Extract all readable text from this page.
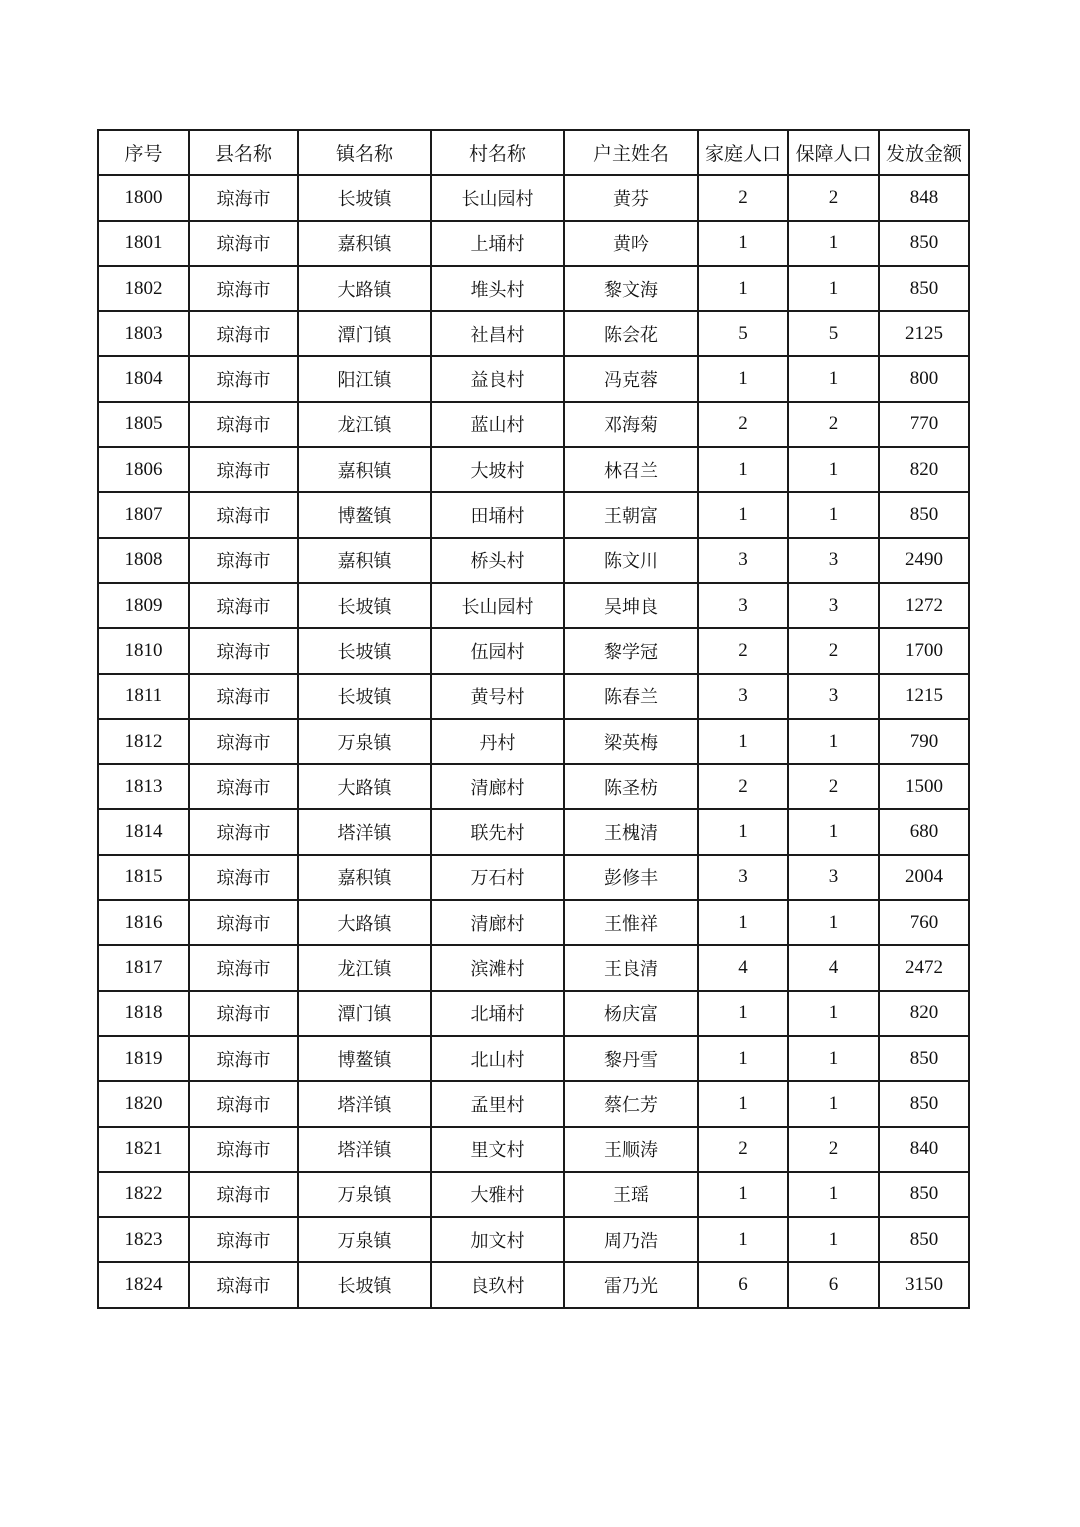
序号	县名称	镇名称	村名称	户主姓名	家庭人口	保障人口	发放金额
1800	琼海市	长坡镇	长山园村	黄芬	2	2	848
1801	琼海市	嘉积镇	上埇村	黄吟	1	1	850
1802	琼海市	大路镇	堆头村	黎文海	1	1	850
1803	琼海市	潭门镇	社昌村	陈会花	5	5	2125
1804	琼海市	阳江镇	益良村	冯克蓉	1	1	800
1805	琼海市	龙江镇	蓝山村	邓海菊	2	2	770
1806	琼海市	嘉积镇	大坡村	林召兰	1	1	820
1807	琼海市	博鳌镇	田埇村	王朝富	1	1	850
1808	琼海市	嘉积镇	桥头村	陈文川	3	3	2490
1809	琼海市	长坡镇	长山园村	吴坤良	3	3	1272
1810	琼海市	长坡镇	伍园村	黎学冠	2	2	1700
1811	琼海市	长坡镇	黄号村	陈春兰	3	3	1215
1812	琼海市	万泉镇	丹村	梁英梅	1	1	790
1813	琼海市	大路镇	清廊村	陈圣枋	2	2	1500
1814	琼海市	塔洋镇	联先村	王槐清	1	1	680
1815	琼海市	嘉积镇	万石村	彭修丰	3	3	2004
1816	琼海市	大路镇	清廊村	王惟祥	1	1	760
1817	琼海市	龙江镇	滨滩村	王良清	4	4	2472
1818	琼海市	潭门镇	北埇村	杨庆富	1	1	820
1819	琼海市	博鳌镇	北山村	黎丹雪	1	1	850
1820	琼海市	塔洋镇	孟里村	蔡仁芳	1	1	850
1821	琼海市	塔洋镇	里文村	王顺涛	2	2	840
1822	琼海市	万泉镇	大雅村	王瑶	1	1	850
1823	琼海市	万泉镇	加文村	周乃浩	1	1	850
1824	琼海市	长坡镇	良玖村	雷乃光	6	6	3150
